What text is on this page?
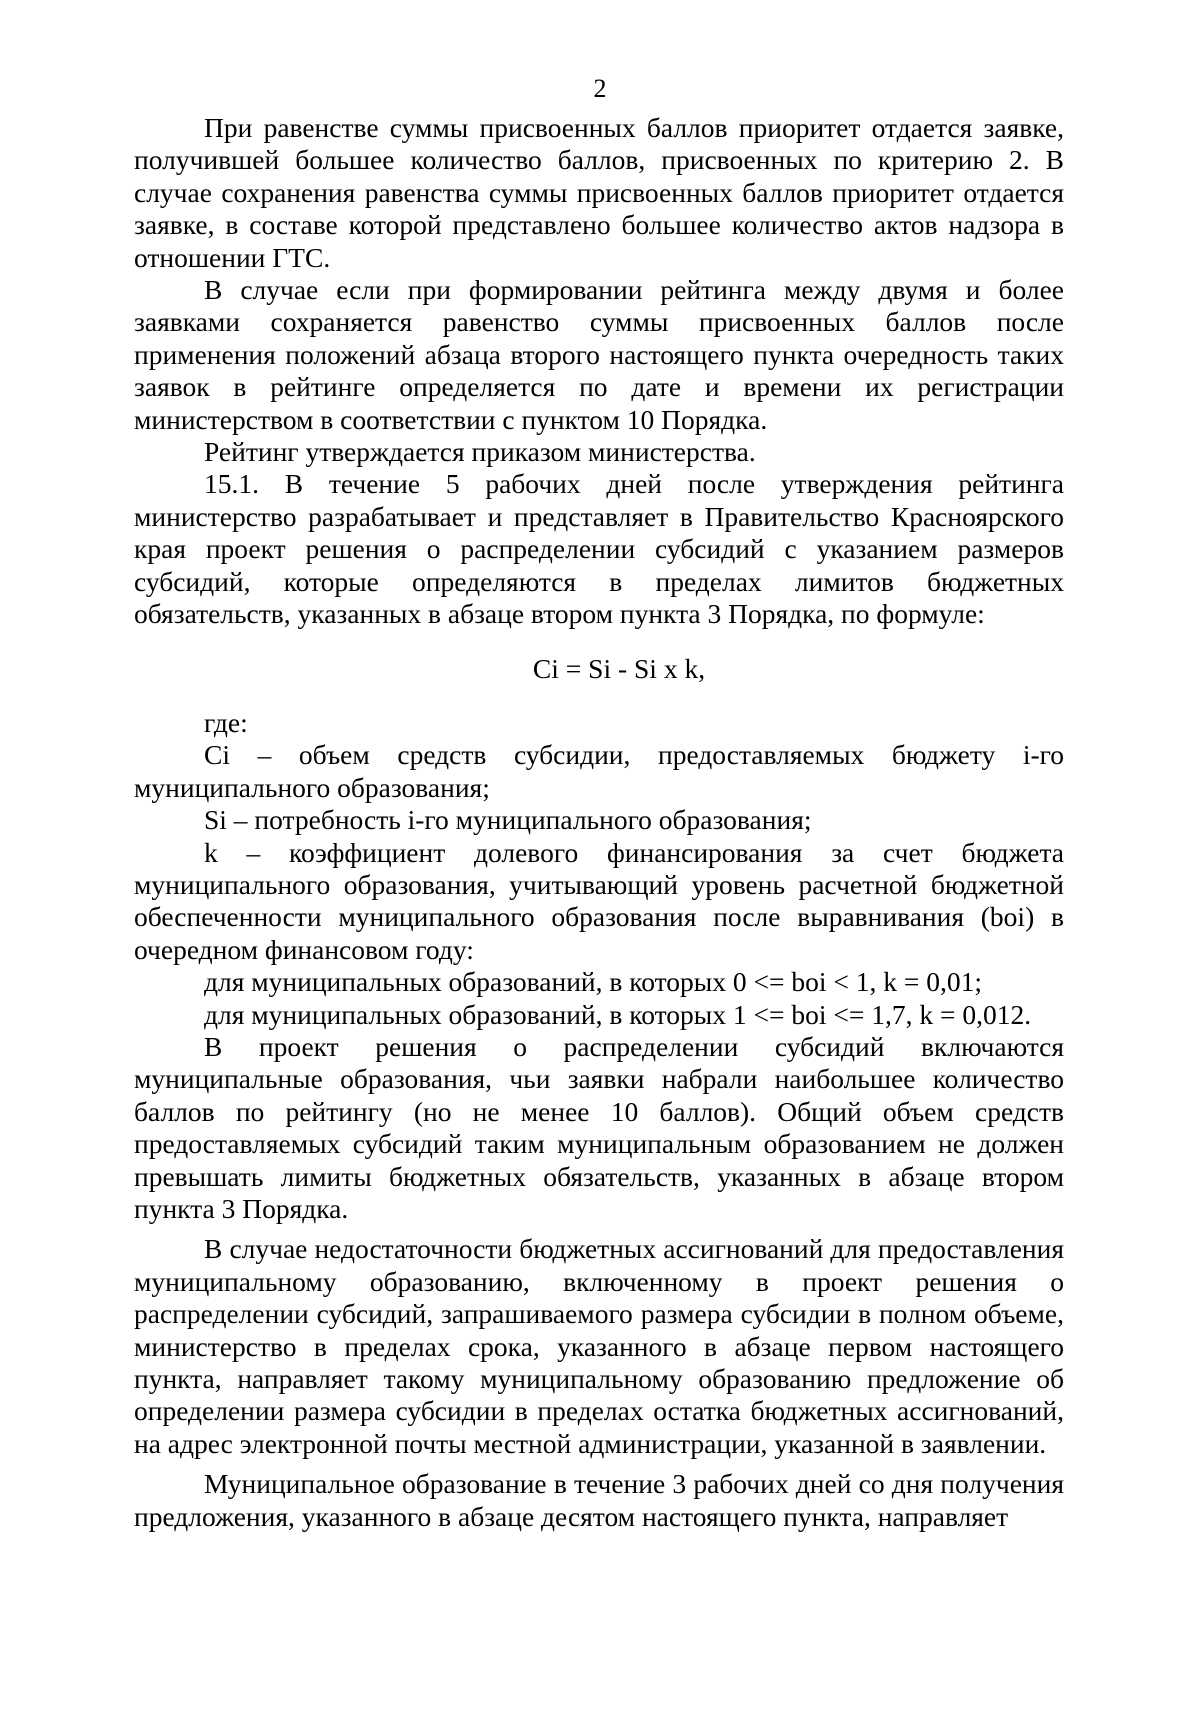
2

При равенстве суммы присвоенных баллов приоритет отдается заявке, получившей большее количество баллов, присвоенных по критерию 2. В случае сохранения равенства суммы присвоенных баллов приоритет отдается заявке, в составе которой представлено большее количество актов надзора в отношении ГТС.

В случае если при формировании рейтинга между двумя и более заявками сохраняется равенство суммы присвоенных баллов после применения положений абзаца второго настоящего пункта очередность таких заявок в рейтинге определяется по дате и времени их регистрации министерством в соответствии с пунктом 10 Порядка.

Рейтинг утверждается приказом министерства.

15.1. В течение 5 рабочих дней после утверждения рейтинга министерство разрабатывает и представляет в Правительство Красноярского края проект решения о распределении субсидий с указанием размеров субсидий, которые определяются в пределах лимитов бюджетных обязательств, указанных в абзаце втором пункта 3 Порядка, по формуле:

Ci = Si - Si x k,

где:

Ci – объем средств субсидии, предоставляемых бюджету i-го муниципального образования;

Si – потребность i-го муниципального образования;

k – коэффициент долевого финансирования за счет бюджета муниципального образования, учитывающий уровень расчетной бюджетной обеспеченности муниципального образования после выравнивания (boi) в очередном финансовом году:

для муниципальных образований, в которых 0 <= boi < 1, k = 0,01;

для муниципальных образований, в которых 1 <= boi <= 1,7, k = 0,012.

В проект решения о распределении субсидий включаются муниципальные образования, чьи заявки набрали наибольшее количество баллов по рейтингу (но не менее 10 баллов). Общий объем средств предоставляемых субсидий таким муниципальным образованием не должен превышать лимиты бюджетных обязательств, указанных в абзаце втором пункта 3 Порядка.

В случае недостаточности бюджетных ассигнований для предоставления муниципальному образованию, включенному в проект решения о распределении субсидий, запрашиваемого размера субсидии в полном объеме, министерство в пределах срока, указанного в абзаце первом настоящего пункта, направляет такому муниципальному образованию предложение об определении размера субсидии в пределах остатка бюджетных ассигнований, на адрес электронной почты местной администрации, указанной в заявлении.

Муниципальное образование в течение 3 рабочих дней со дня получения предложения, указанного в абзаце десятом настоящего пункта, направляет
